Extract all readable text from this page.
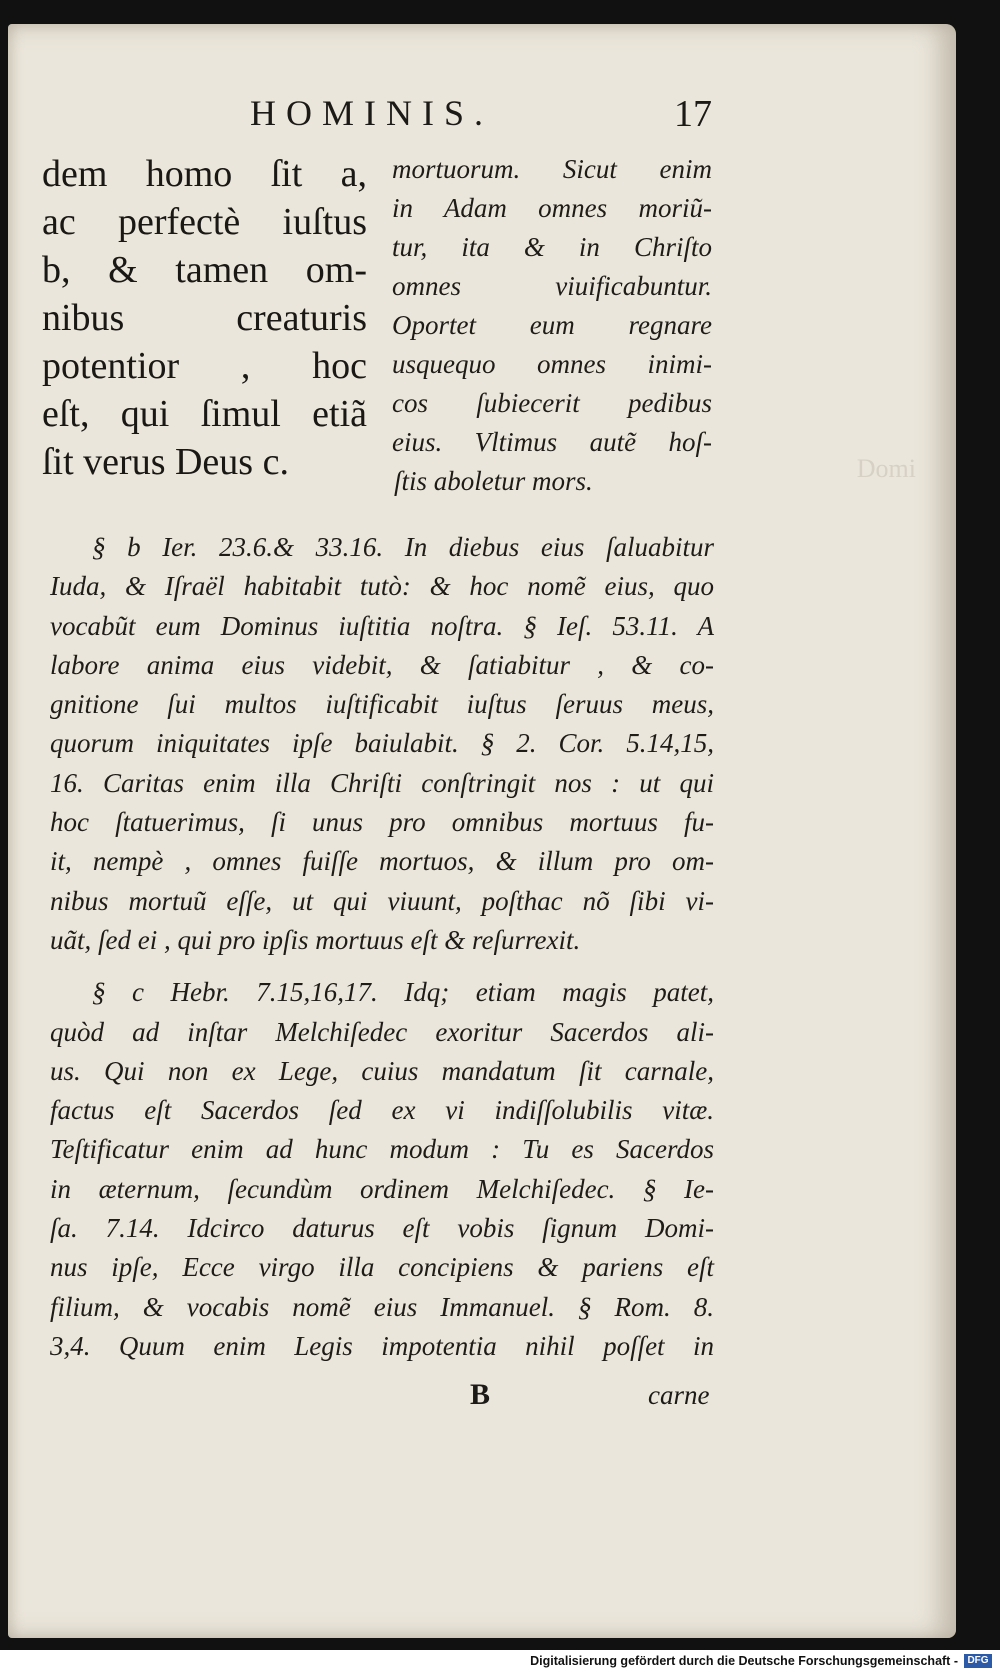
Domi
HOMINIS.	17
dem homo ſit a,
ac perfectè iuſtus
b, & tamen om-
nibus creaturis
potentior , hoc
eſt, qui ſimul etiã
ſit verus Deus c.
mortuorum. Sicut enim
in Adam omnes moriũ-
tur, ita & in Chriſto
omnes viuificabuntur.
Oportet eum regnare
usquequo omnes inimi-
cos ſubiecerit pedibus
eius. Vltimus autẽ hoſ-
ſtis aboletur mors.
§ b Ier. 23.6.& 33.16. In diebus eius ſaluabitur
Iuda, & Iſraël habitabit tutò: & hoc nomẽ eius, quo
vocabũt eum Dominus iuſtitia noſtra. § Ieſ. 53.11. A
labore anima eius videbit, & ſatiabitur , & co-
gnitione ſui multos iuſtificabit iuſtus ſeruus meus,
quorum iniquitates ipſe baiulabit. § 2. Cor. 5.14,15,
16. Caritas enim illa Chriſti conſtringit nos : ut qui
hoc ſtatuerimus, ſi unus pro omnibus mortuus fu-
it, nempè , omnes fuiſſe mortuos, & illum pro om-
nibus mortuũ eſſe, ut qui viuunt, poſthac nõ ſibi vi-
uãt, ſed ei , qui pro ipſis mortuus eſt & reſurrexit.
§ c Hebr. 7.15,16,17. Idq; etiam magis patet,
quòd ad inſtar Melchiſedec exoritur Sacerdos ali-
us. Qui non ex Lege, cuius mandatum ſit carnale,
factus eſt Sacerdos ſed ex vi indiſſolubilis vitæ.
Teſtificatur enim ad hunc modum : Tu es Sacerdos
in æternum, ſecundùm ordinem Melchiſedec. § Ie-
ſa. 7.14. Idcirco daturus eſt vobis ſignum Domi-
nus ipſe, Ecce virgo illa concipiens & pariens eſt
filium, & vocabis nomẽ eius Immanuel. § Rom. 8.
3,4. Quum enim Legis impotentia nihil poſſet in
B	carne
Digitalisierung gefördert durch die Deutsche Forschungsgemeinschaft - DFG
